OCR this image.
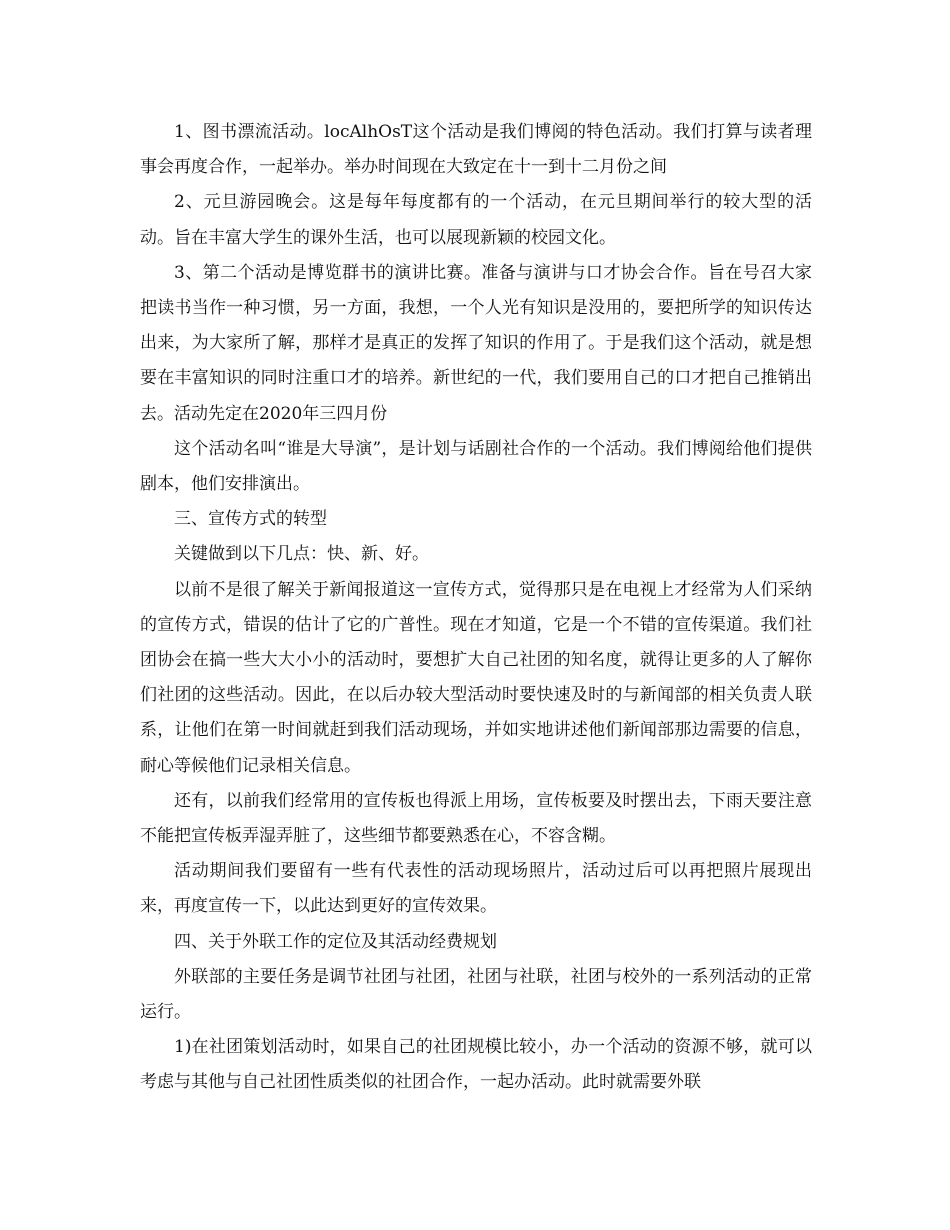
1、图书漂流活动。locAlhOsT这个活动是我们博阅的特色活动。我们打算与读者理事会再度合作，一起举办。举办时间现在大致定在十一到十二月份之间

2、元旦游园晚会。这是每年每度都有的一个活动，在元旦期间举行的较大型的活动。旨在丰富大学生的课外生活，也可以展现新颖的校园文化。

3、第二个活动是博览群书的演讲比赛。准备与演讲与口才协会合作。旨在号召大家把读书当作一种习惯，另一方面，我想，一个人光有知识是没用的，要把所学的知识传达出来，为大家所了解，那样才是真正的发挥了知识的作用了。于是我们这个活动，就是想要在丰富知识的同时注重口才的培养。新世纪的一代，我们要用自己的口才把自己推销出去。活动先定在2020年三四月份

这个活动名叫“谁是大导演”，是计划与话剧社合作的一个活动。我们博阅给他们提供剧本，他们安排演出。

三、宣传方式的转型

关键做到以下几点：快、新、好。

以前不是很了解关于新闻报道这一宣传方式，觉得那只是在电视上才经常为人们采纳的宣传方式，错误的估计了它的广普性。现在才知道，它是一个不错的宣传渠道。我们社团协会在搞一些大大小小的活动时，要想扩大自己社团的知名度，就得让更多的人了解你们社团的这些活动。因此，在以后办较大型活动时要快速及时的与新闻部的相关负责人联系，让他们在第一时间就赶到我们活动现场，并如实地讲述他们新闻部那边需要的信息，耐心等候他们记录相关信息。

还有，以前我们经常用的宣传板也得派上用场，宣传板要及时摆出去，下雨天要注意不能把宣传板弄湿弄脏了，这些细节都要熟悉在心，不容含糊。

活动期间我们要留有一些有代表性的活动现场照片，活动过后可以再把照片展现出来，再度宣传一下，以此达到更好的宣传效果。

四、关于外联工作的定位及其活动经费规划

外联部的主要任务是调节社团与社团，社团与社联，社团与校外的一系列活动的正常运行。

1)在社团策划活动时，如果自己的社团规模比较小，办一个活动的资源不够，就可以考虑与其他与自己社团性质类似的社团合作，一起办活动。此时就需要外联
